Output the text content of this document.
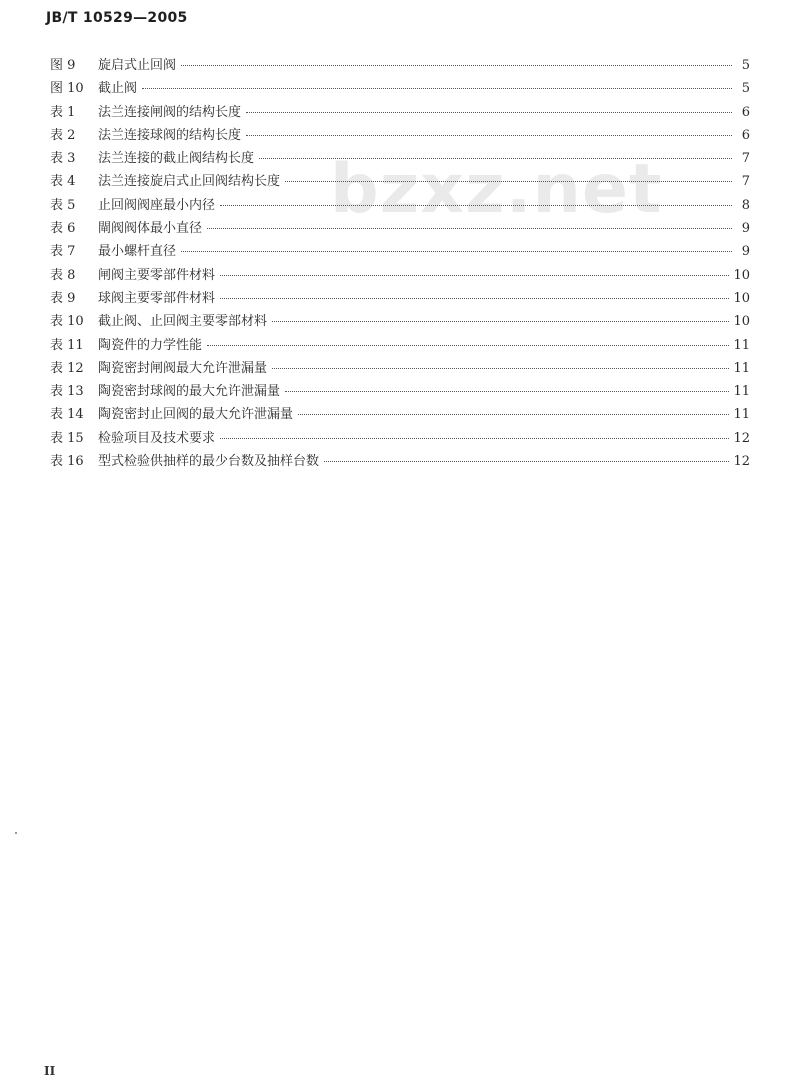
JB/T 10529—2005
bzxz.net
图 9	旋启式止回阀	5
图 10	截止阀	5
表 1	法兰连接闸阀的结构长度	6
表 2	法兰连接球阀的结构长度	6
表 3	法兰连接的截止阀结构长度	7
表 4	法兰连接旋启式止回阀结构长度	7
表 5	止回阀阀座最小内径	8
表 6	閘阀阀体最小直径	9
表 7	最小螺杆直径	9
表 8	闸阀主要零部件材料	10
表 9	球阀主要零部件材料	10
表 10	截止阀、止回阀主要零部材料	10
表 11	陶瓷件的力学性能	11
表 12	陶瓷密封闸阀最大允许泄漏量	11
表 13	陶瓷密封球阀的最大允许泄漏量	11
表 14	陶瓷密封止回阀的最大允许泄漏量	11
表 15	检验项目及技术要求	12
表 16	型式检验供抽样的最少台数及抽样台数	12
II
